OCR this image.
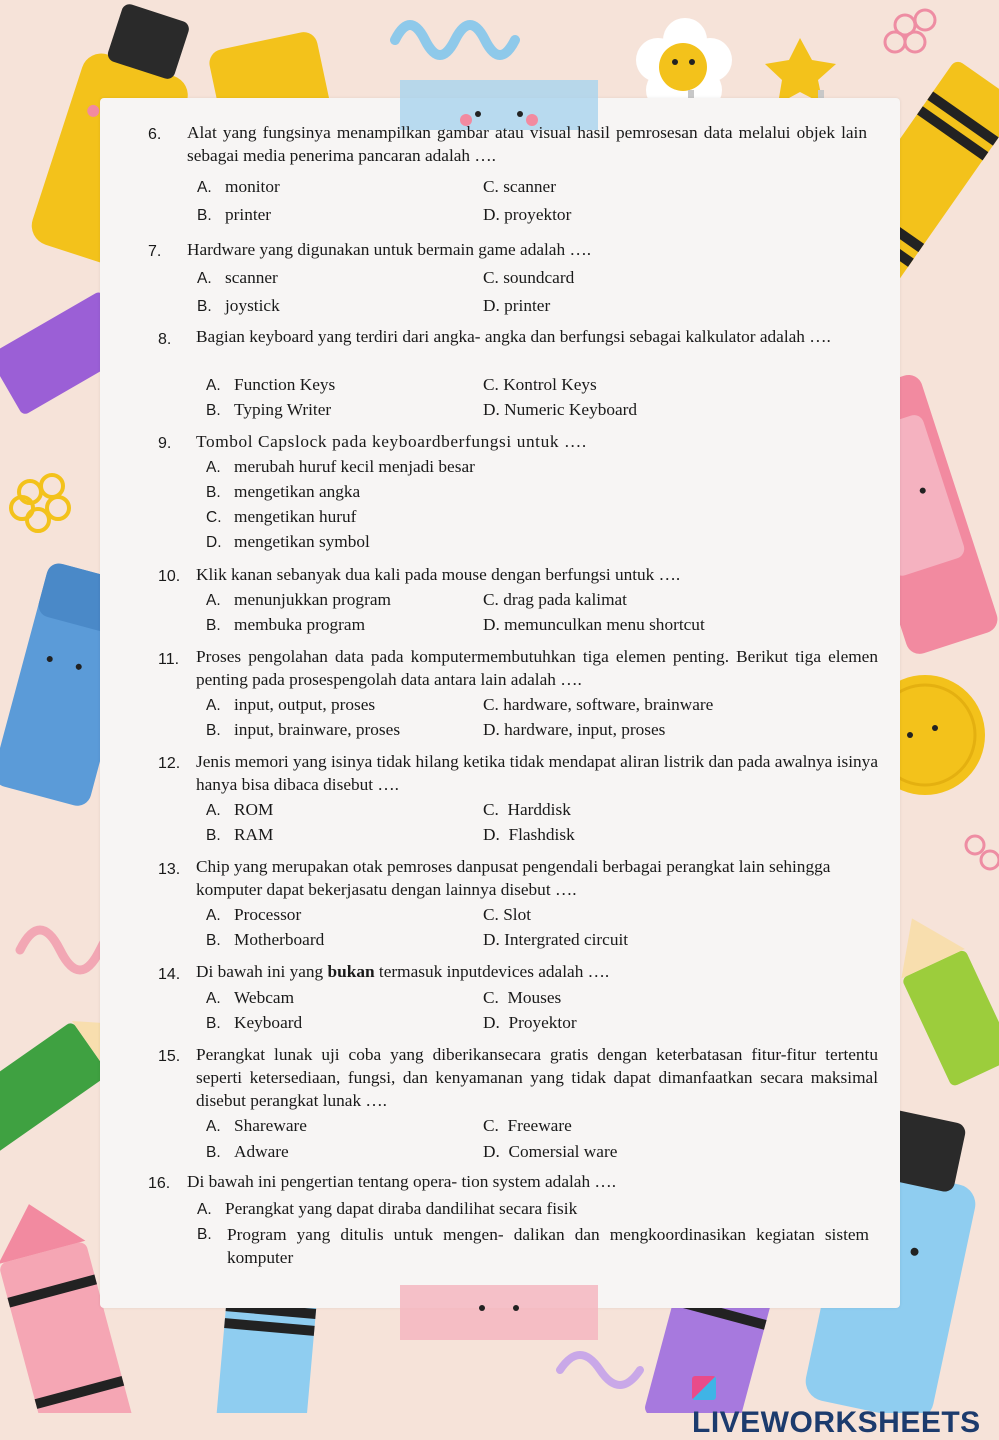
6. Alat yang fungsinya menampilkan gambar atau visual hasil pemrosesan data melalui objek lain sebagai media penerima pancaran adalah ….
A. monitor	C. scanner
B. printer	D. proyektor
7. Hardware yang digunakan untuk bermain game adalah ….
A. scanner	C. soundcard
B. joystick	D. printer
8. Bagian keyboard yang terdiri dari angka- angka dan berfungsi sebagai kalkulator adalah ….
A. Function Keys	C. Kontrol Keys
B. Typing Writer	D. Numeric Keyboard
9. Tombol Capslock pada keyboardberfungsi untuk ….
A. merubah huruf kecil menjadi besar
B. mengetikan angka
C. mengetikan huruf
D. mengetikan symbol
10. Klik kanan sebanyak dua kali pada mouse dengan berfungsi untuk ….
A. menunjukkan program	C. drag pada kalimat
B. membuka program	D. memunculkan menu shortcut
11. Proses pengolahan data pada komputermembutuhkan tiga elemen penting. Berikut tiga elemen penting pada prosespengolah data antara lain adalah ….
A. input, output, proses	C. hardware, software, brainware
B. input, brainware, proses	D. hardware, input, proses
12. Jenis memori yang isinya tidak hilang ketika tidak mendapat aliran listrik dan pada awalnya isinya hanya bisa dibaca disebut ….
A. ROM	C. Harddisk
B. RAM	D. Flashdisk
13. Chip yang merupakan otak pemroses danpusat pengendali berbagai perangkat lain sehingga komputer dapat bekerjasatu dengan lainnya disebut ….
A. Processor	C. Slot
B. Motherboard	D. Intergrated circuit
14. Di bawah ini yang bukan termasuk inputdevices adalah ….
A. Webcam	C. Mouses
B. Keyboard	D. Proyektor
15. Perangkat lunak uji coba yang diberikansecara gratis dengan keterbatasan fitur-fitur tertentu seperti ketersediaan, fungsi, dan kenyamanan yang tidak dapat dimanfaatkan secara maksimal disebut perangkat lunak ….
A. Shareware	C. Freeware
B. Adware	D. Comersial ware
16. Di bawah ini pengertian tentang opera- tion system adalah ….
A. Perangkat yang dapat diraba dandilihat secara fisik
B. Program yang ditulis untuk mengen- dalikan dan mengkoordinasikan kegiatan sistem komputer
LIVEWORKSHEETS
